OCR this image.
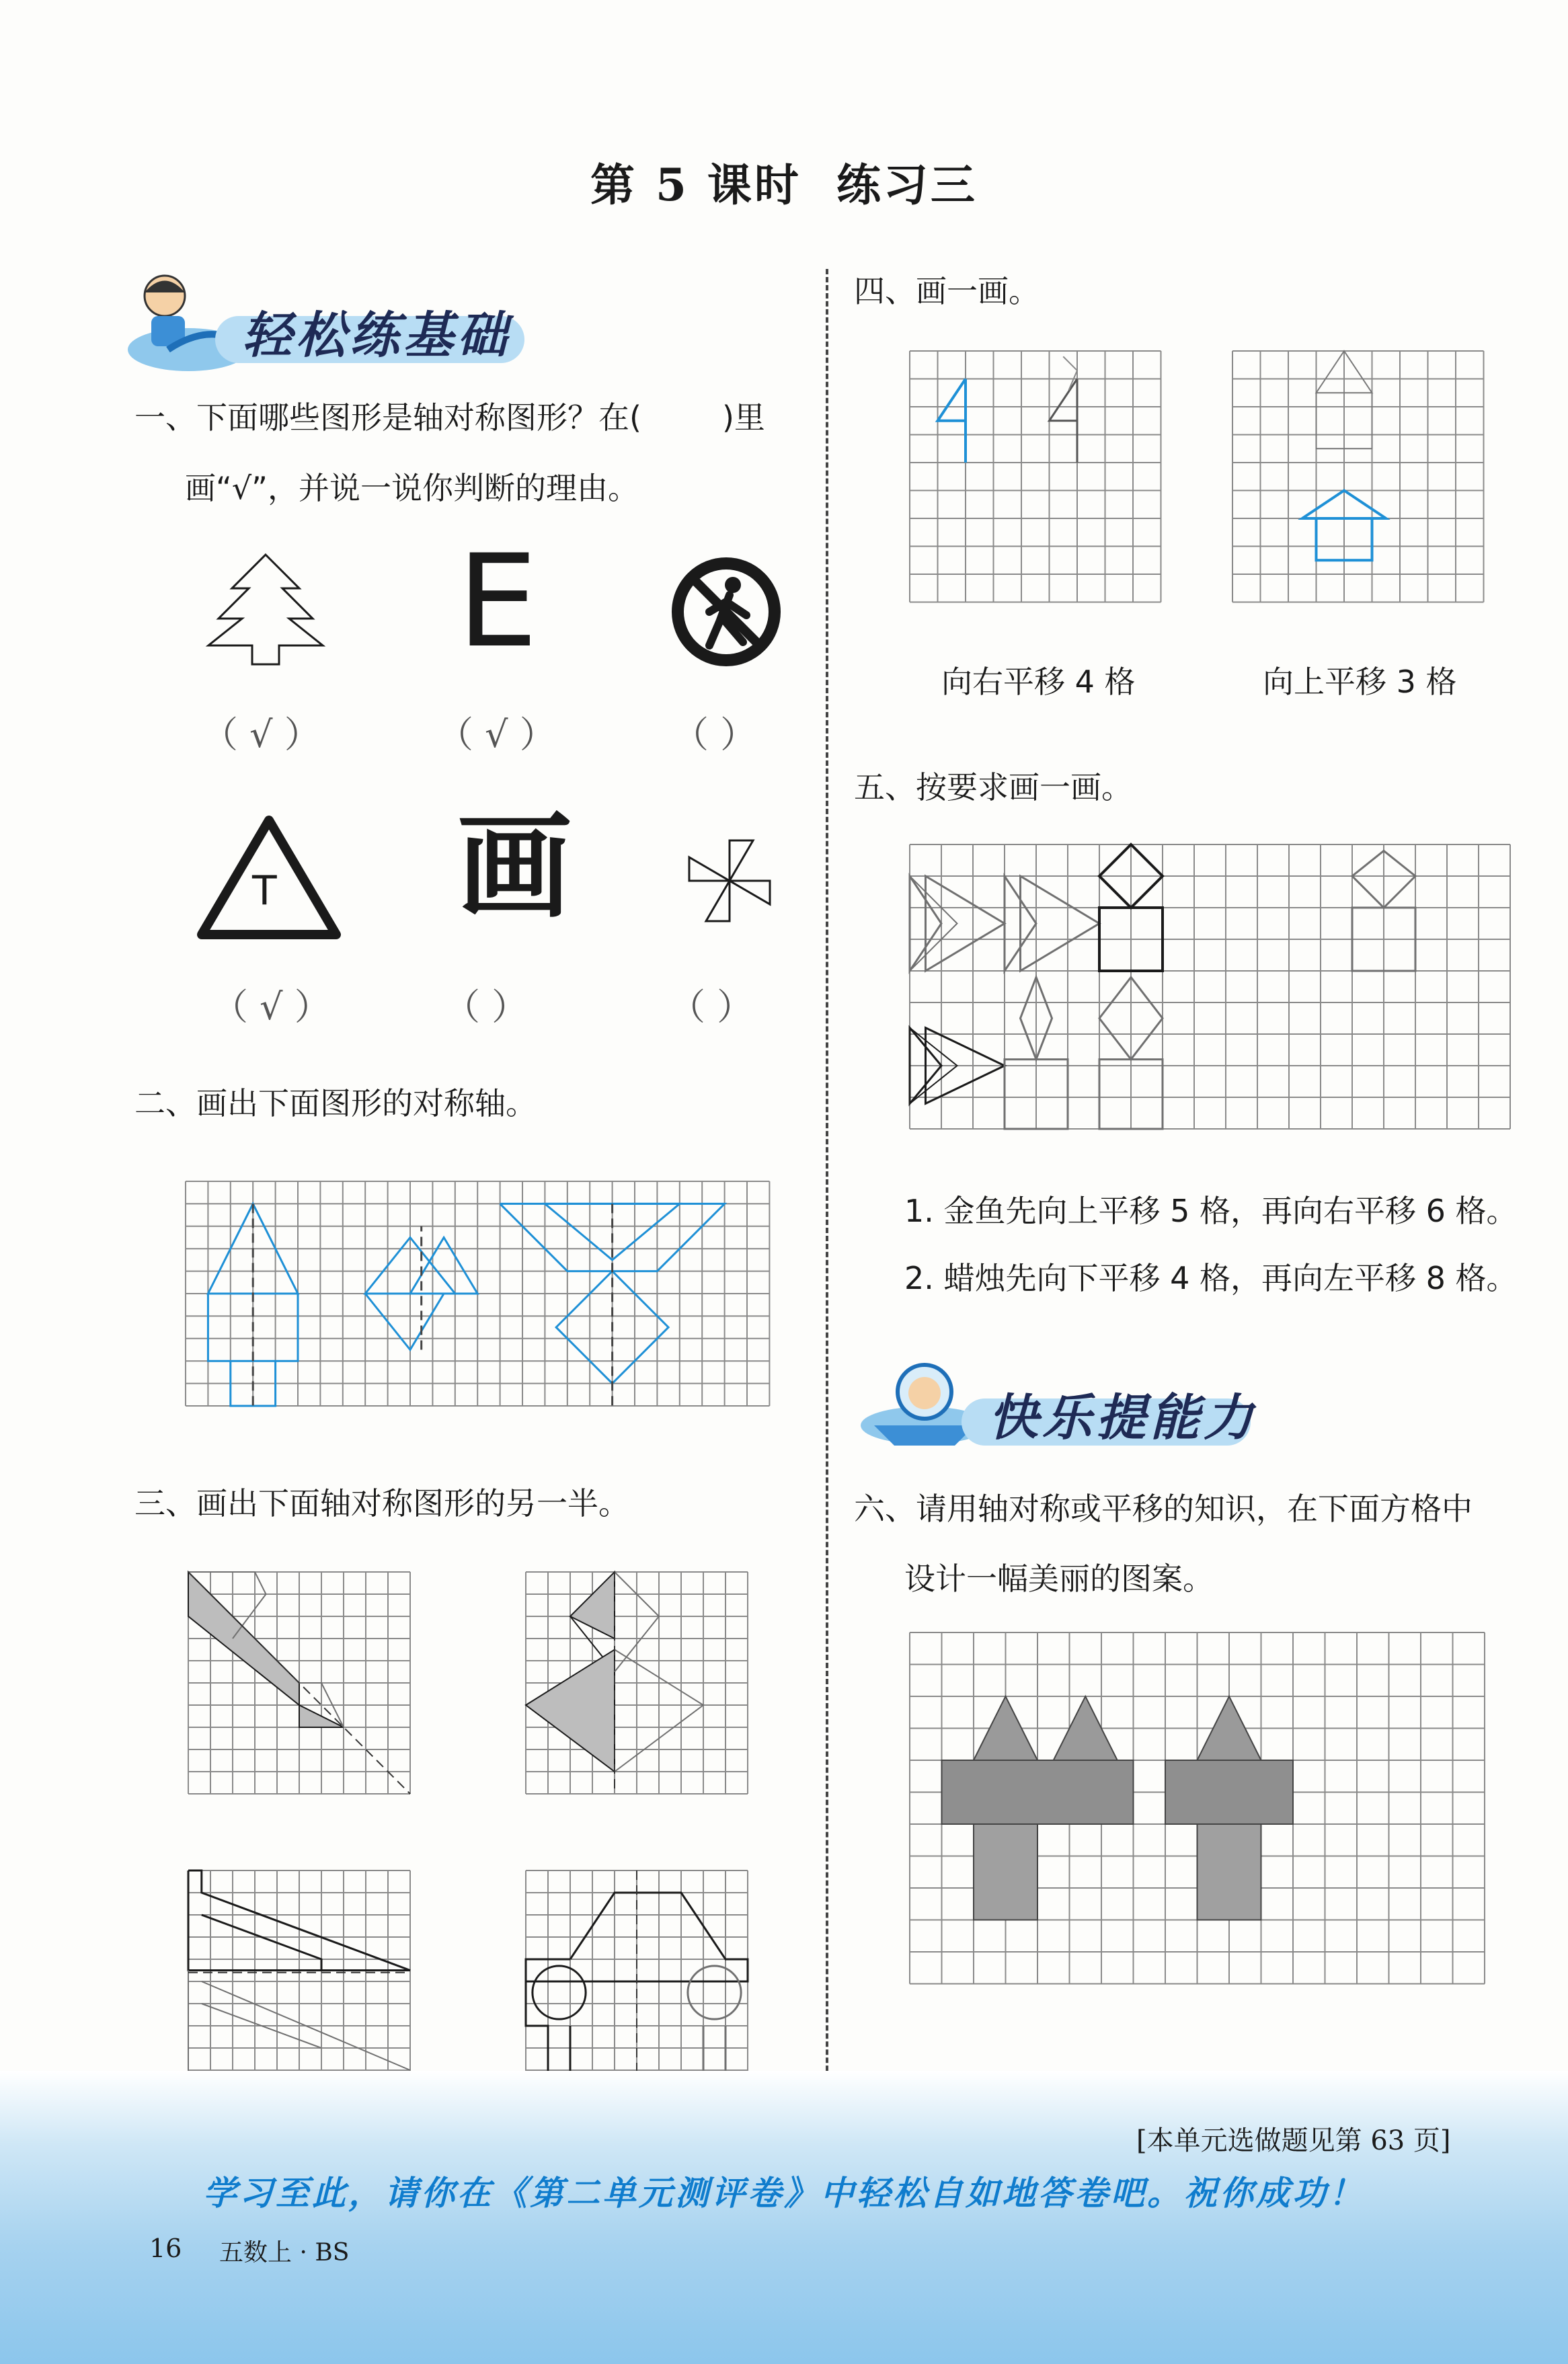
第 5 课时 练习三
轻松练基础
一、下面哪些图形是轴对称图形？在(	)里
画“√”，并说一说你判断的理由。
E
（ √ ）	（ √ ）	（ ）
T 画
（ √ ）	（ ）	（ ）
二、画出下面图形的对称轴。
三、画出下面轴对称图形的另一半。
四、画一画。
向右平移 4 格	向上平移 3 格
五、按要求画一画。
1. 金鱼先向上平移 5 格，再向右平移 6 格。
2. 蜡烛先向下平移 4 格，再向左平移 8 格。
快乐提能力
六、请用轴对称或平移的知识，在下面方格中
设计一幅美丽的图案。
[本单元选做题见第 63 页]
学习至此，请你在《第二单元测评卷》中轻松自如地答卷吧。祝你成功！
16 五数上 · BS
